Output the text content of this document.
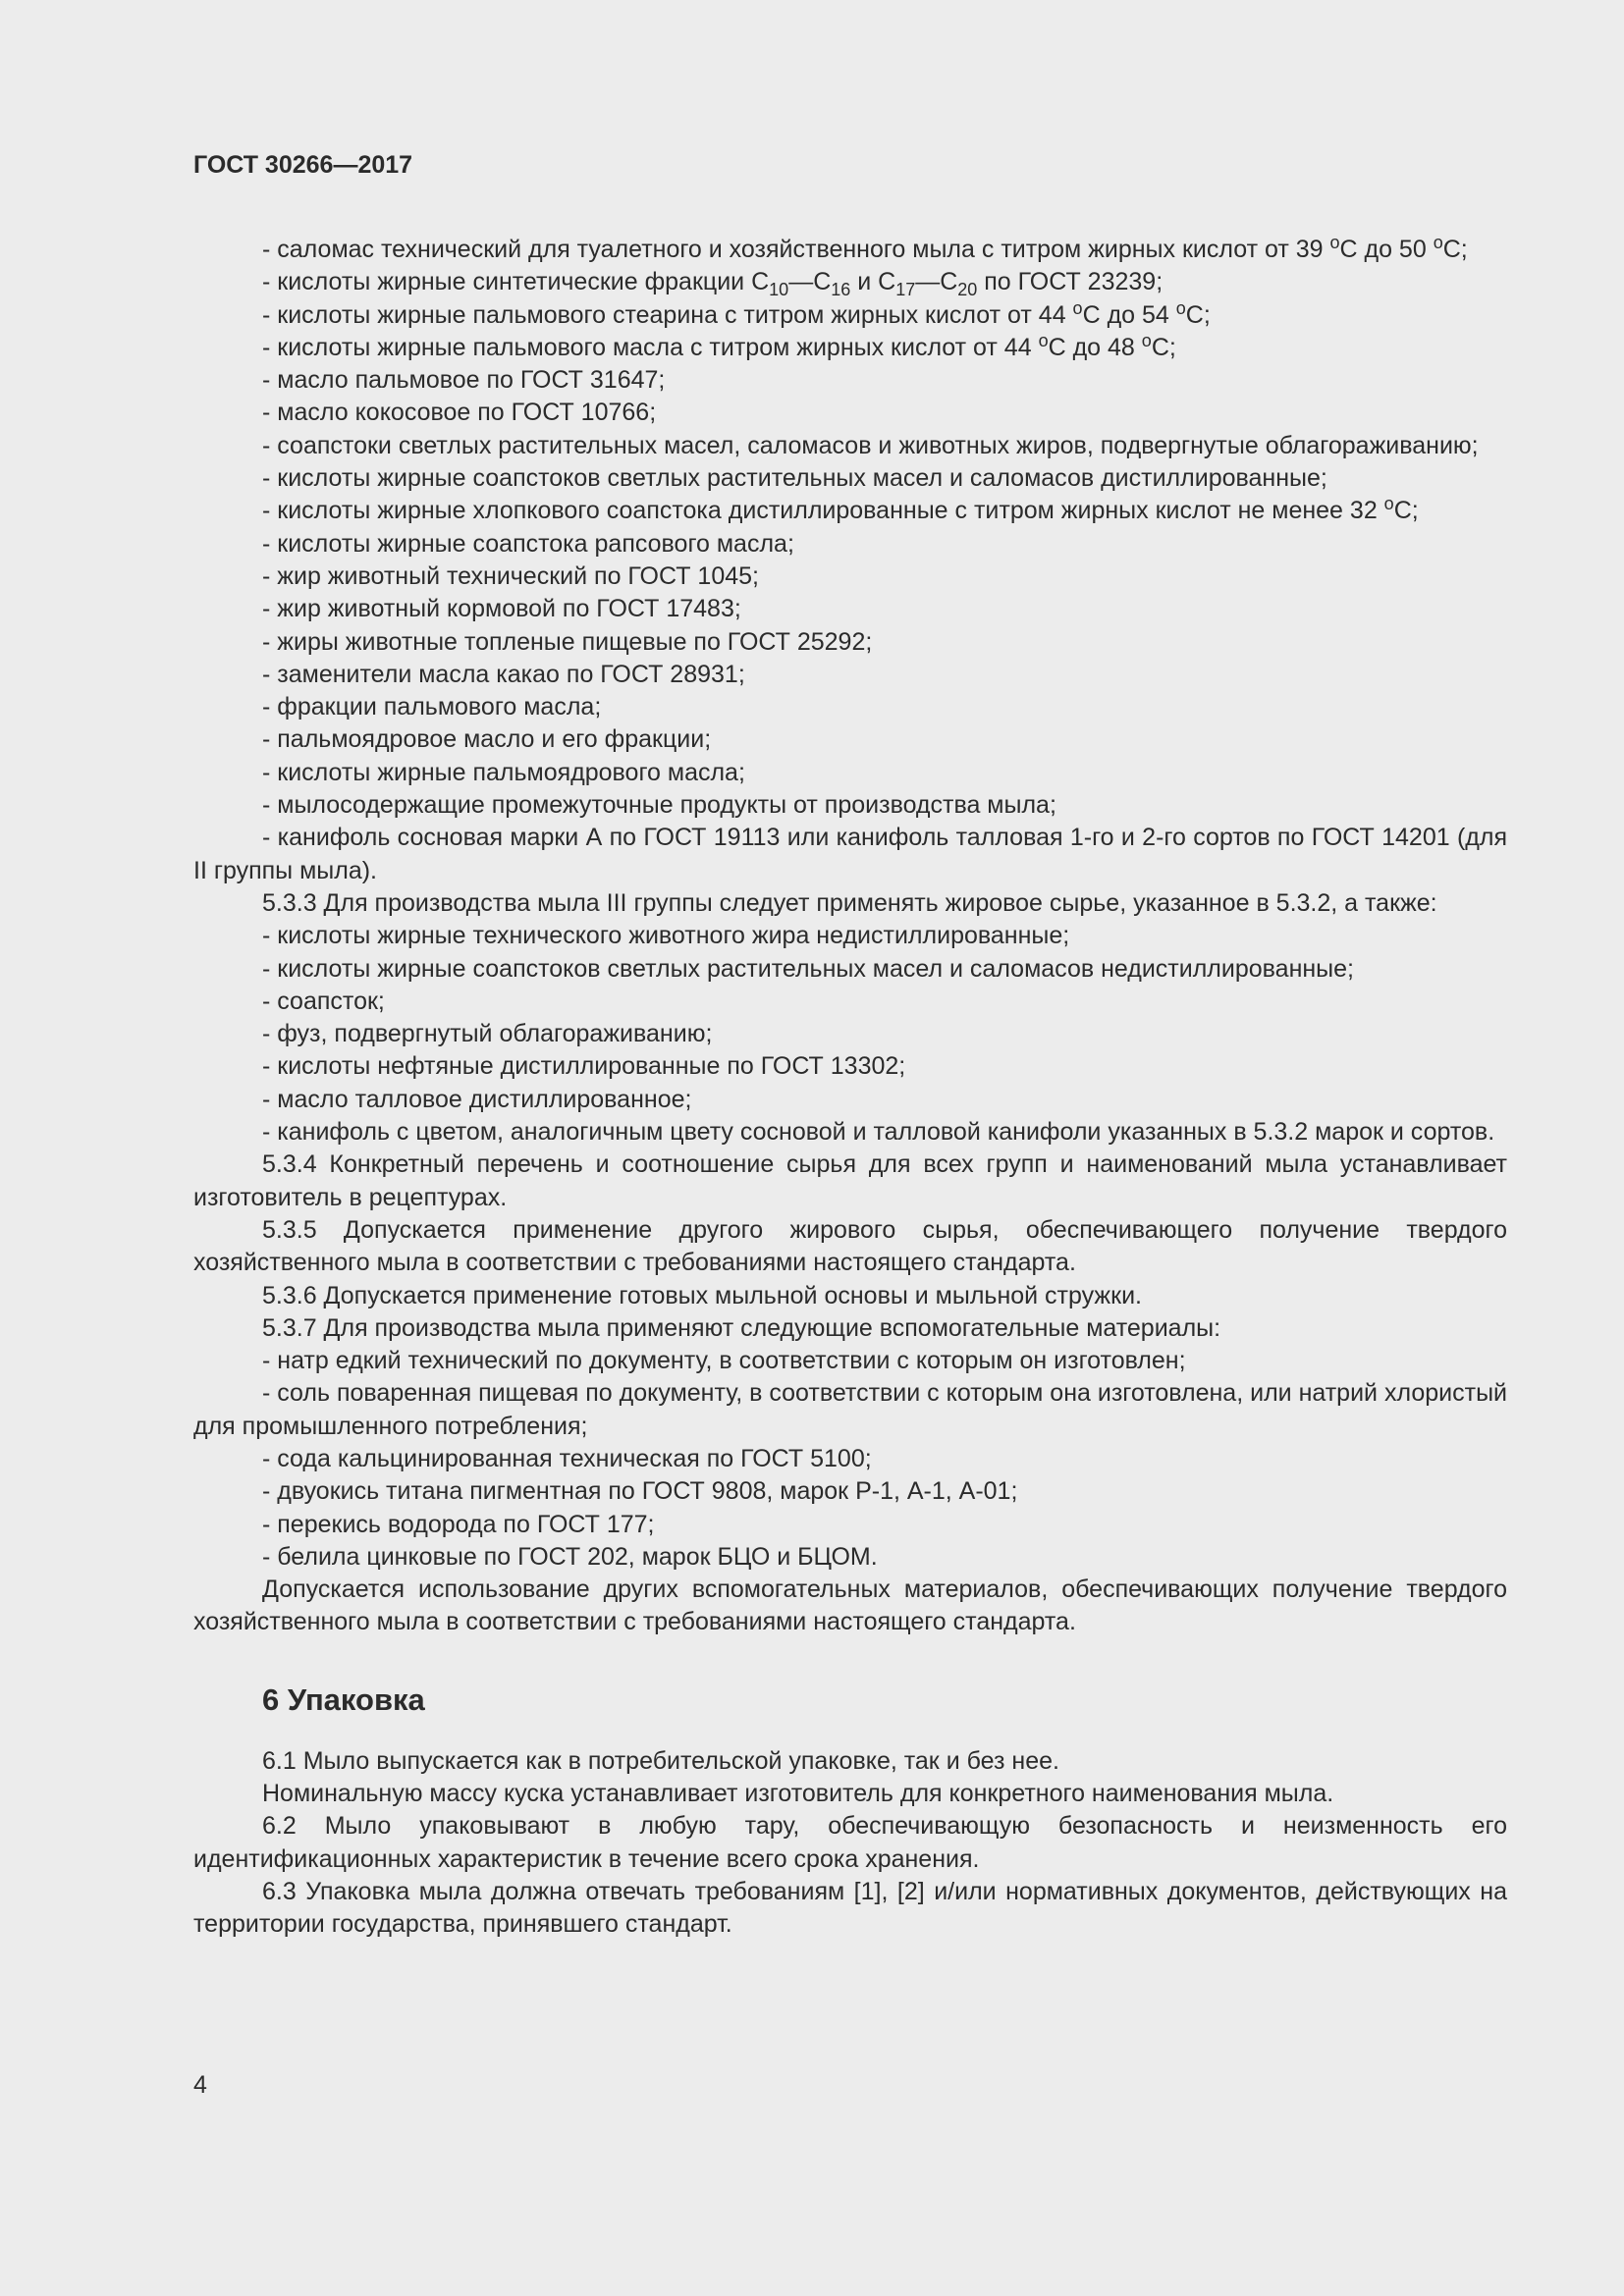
ГОСТ 30266—2017

- саломас технический для туалетного и хозяйственного мыла с титром жирных кислот от 39 $^о$С до 50 $^о$С;

- кислоты жирные синтетические фракции $С_{10}—С_{16}$ и $С_{17}—С_{20}$ по ГОСТ 23239;

- кислоты жирные пальмового стеарина с титром жирных кислот от 44 $^о$С до 54 $^о$С;

- кислоты жирные пальмового масла с титром жирных кислот от 44 $^о$С до 48 $^о$С;

- масло пальмовое по ГОСТ 31647;

- масло кокосовое по ГОСТ 10766;

- соапстоки светлых растительных масел, саломасов и животных жиров, подвергнутые облагораживанию;

- кислоты жирные соапстоков светлых растительных масел и саломасов дистиллированные;

- кислоты жирные хлопкового соапстока дистиллированные с титром жирных кислот не менее 32 $^о$С;

- кислоты жирные соапстока рапсового масла;

- жир животный технический по ГОСТ 1045;

- жир животный кормовой по ГОСТ 17483;

- жиры животные топленые пищевые по ГОСТ 25292;

- заменители масла какао по ГОСТ 28931;

- фракции пальмового масла;

- пальмоядровое масло и его фракции;

- кислоты жирные пальмоядрового масла;

- мылосодержащие промежуточные продукты от производства мыла;

- канифоль сосновая марки А по ГОСТ 19113 или канифоль талловая 1-го и 2-го сортов по ГОСТ 14201 (для II группы мыла).

5.3.3 Для производства мыла III группы следует применять жировое сырье, указанное в 5.3.2, а также:

- кислоты жирные технического животного жира недистиллированные;

- кислоты жирные соапстоков светлых растительных масел и саломасов недистиллированные;

- соапсток;

- фуз, подвергнутый облагораживанию;

- кислоты нефтяные дистиллированные по ГОСТ 13302;

- масло талловое дистиллированное;

- канифоль с цветом, аналогичным цвету сосновой и талловой канифоли указанных в 5.3.2 марок и сортов.

5.3.4 Конкретный перечень и соотношение сырья для всех групп и наименований мыла устанавливает изготовитель в рецептурах.

5.3.5 Допускается применение другого жирового сырья, обеспечивающего получение твердого хозяйственного мыла в соответствии с требованиями настоящего стандарта.

5.3.6 Допускается применение готовых мыльной основы и мыльной стружки.

5.3.7 Для производства мыла применяют следующие вспомогательные материалы:

- натр едкий технический по документу, в соответствии с которым он изготовлен;

- соль поваренная пищевая по документу, в соответствии с которым она изготовлена, или натрий хлористый для промышленного потребления;

- сода кальцинированная техническая по ГОСТ 5100;

- двуокись титана пигментная по ГОСТ 9808, марок Р-1, А-1, А-01;

- перекись водорода по ГОСТ 177;

- белила цинковые по ГОСТ 202, марок БЦО и БЦОМ.

Допускается использование других вспомогательных материалов, обеспечивающих получение твердого хозяйственного мыла в соответствии с требованиями настоящего стандарта.

6 Упаковка

6.1 Мыло выпускается как в потребительской упаковке, так и без нее.

Номинальную массу куска устанавливает изготовитель для конкретного наименования мыла.

6.2 Мыло упаковывают в любую тару, обеспечивающую безопасность и неизменность его идентификационных характеристик в течение всего срока хранения.

6.3 Упаковка мыла должна отвечать требованиям [1], [2] и/или нормативных документов, действующих на территории государства, принявшего стандарт.

4
